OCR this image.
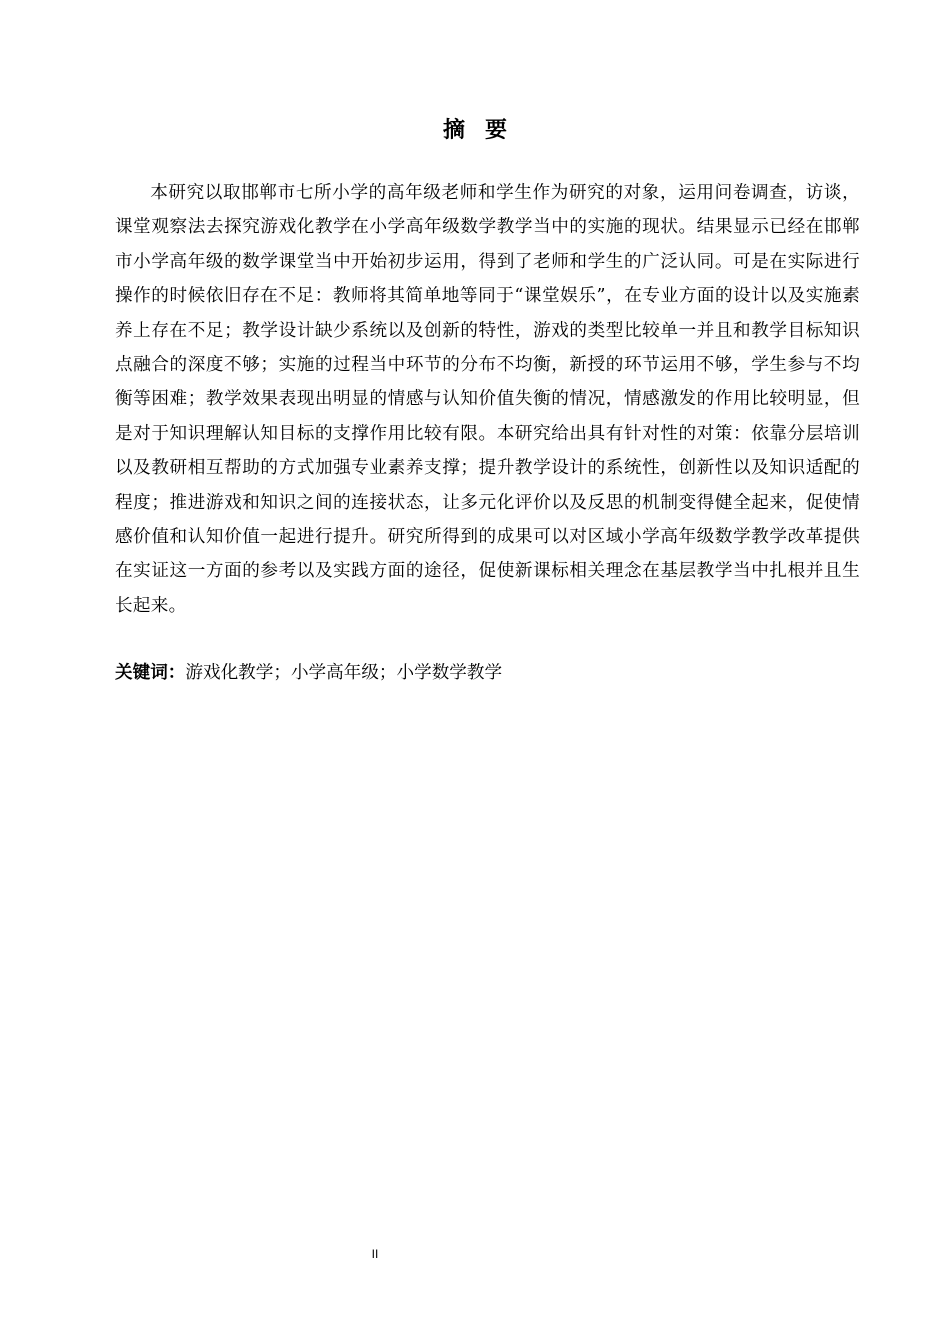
摘要

本研究以取邯郸市七所小学的高年级老师和学生作为研究的对象，运用问卷调查，访谈，课堂观察法去探究游戏化教学在小学高年级数学教学当中的实施的现状。结果显示已经在邯郸市小学高年级的数学课堂当中开始初步运用，得到了老师和学生的广泛认同。可是在实际进行操作的时候依旧存在不足：教师将其简单地等同于“课堂娱乐”，在专业方面的设计以及实施素养上存在不足；教学设计缺少系统以及创新的特性，游戏的类型比较单一并且和教学目标知识点融合的深度不够；实施的过程当中环节的分布不均衡，新授的环节运用不够，学生参与不均衡等困难；教学效果表现出明显的情感与认知价值失衡的情况，情感激发的作用比较明显，但是对于知识理解认知目标的支撑作用比较有限。本研究给出具有针对性的对策：依靠分层培训以及教研相互帮助的方式加强专业素养支撑；提升教学设计的系统性，创新性以及知识适配的程度；推进游戏和知识之间的连接状态，让多元化评价以及反思的机制变得健全起来，促使情感价值和认知价值一起进行提升。研究所得到的成果可以对区域小学高年级数学教学改革提供在实证这一方面的参考以及实践方面的途径，促使新课标相关理念在基层教学当中扎根并且生长起来。

关键词：游戏化教学；小学高年级；小学数学教学

II
